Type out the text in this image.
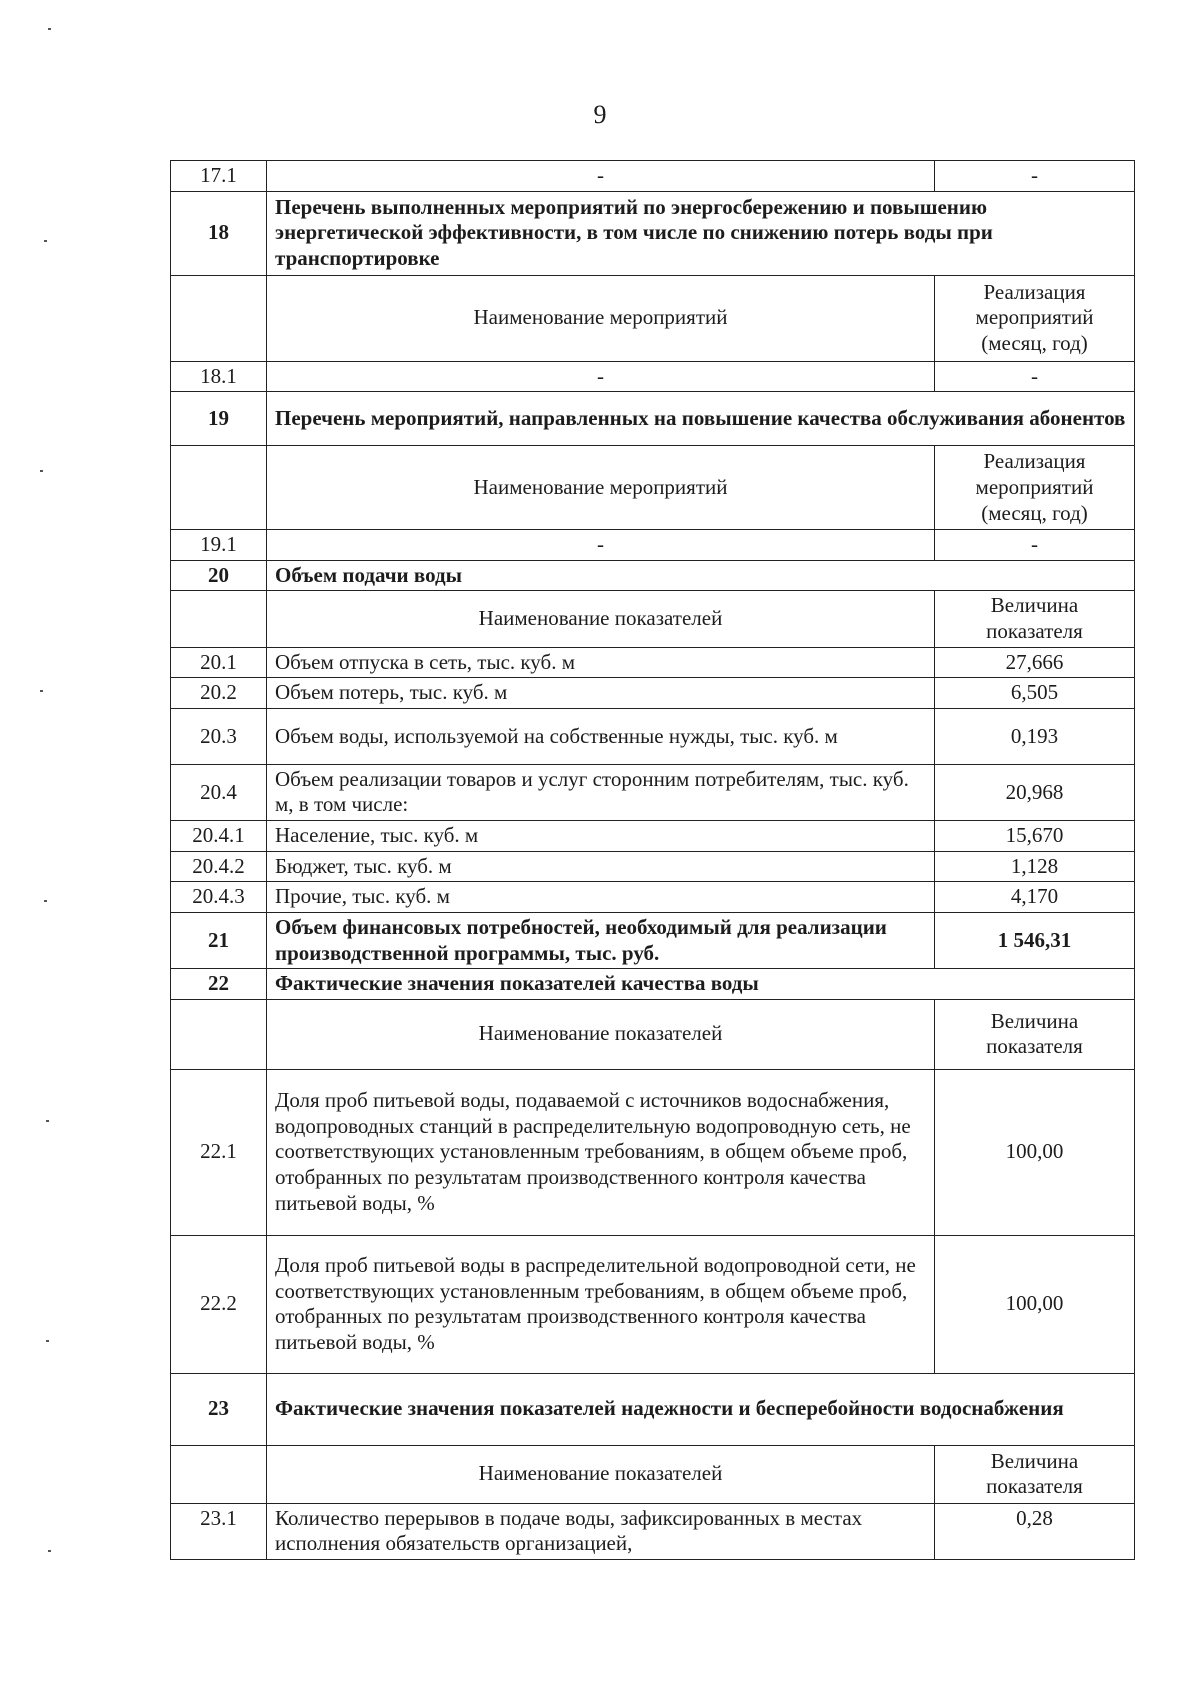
9
17.1	-	-
18	Перечень выполненных мероприятий по энергосбережению и повышению энергетической эффективности, в том числе по снижению потерь воды при транспортировке	
	Наименование мероприятий	Реализация мероприятий (месяц, год)
18.1	-	-
19	Перечень мероприятий, направленных на повышение качества обслуживания абонентов	
	Наименование мероприятий	Реализация мероприятий (месяц, год)
19.1	-	-
20	Объем подачи воды	
	Наименование показателей	Величина показателя
20.1	Объем отпуска в сеть, тыс. куб. м	27,666
20.2	Объем потерь, тыс. куб. м	6,505
20.3	Объем воды, используемой на собственные нужды, тыс. куб. м	0,193
20.4	Объем реализации товаров и услуг сторонним потребителям, тыс. куб. м, в том числе:	20,968
20.4.1	Население, тыс. куб. м	15,670
20.4.2	Бюджет, тыс. куб. м	1,128
20.4.3	Прочие, тыс. куб. м	4,170
21	Объем финансовых потребностей, необходимый для реализации производственной программы, тыс. руб.	1 546,31
22	Фактические значения показателей качества воды	
	Наименование показателей	Величина показателя
22.1	Доля проб питьевой воды, подаваемой с источников водоснабжения, водопроводных станций в распределительную водопроводную сеть, не соответствующих установленным требованиям, в общем объеме проб, отобранных по результатам производственного контроля качества питьевой воды, %	100,00
22.2	Доля проб питьевой воды в распределительной водопроводной сети, не соответствующих установленным требованиям, в общем объеме проб, отобранных по результатам производственного контроля качества питьевой воды, %	100,00
23	Фактические значения показателей надежности и бесперебойности водоснабжения	
	Наименование показателей	Величина показателя
23.1	Количество перерывов в подаче воды, зафиксированных в местах исполнения обязательств организацией,	0,28
